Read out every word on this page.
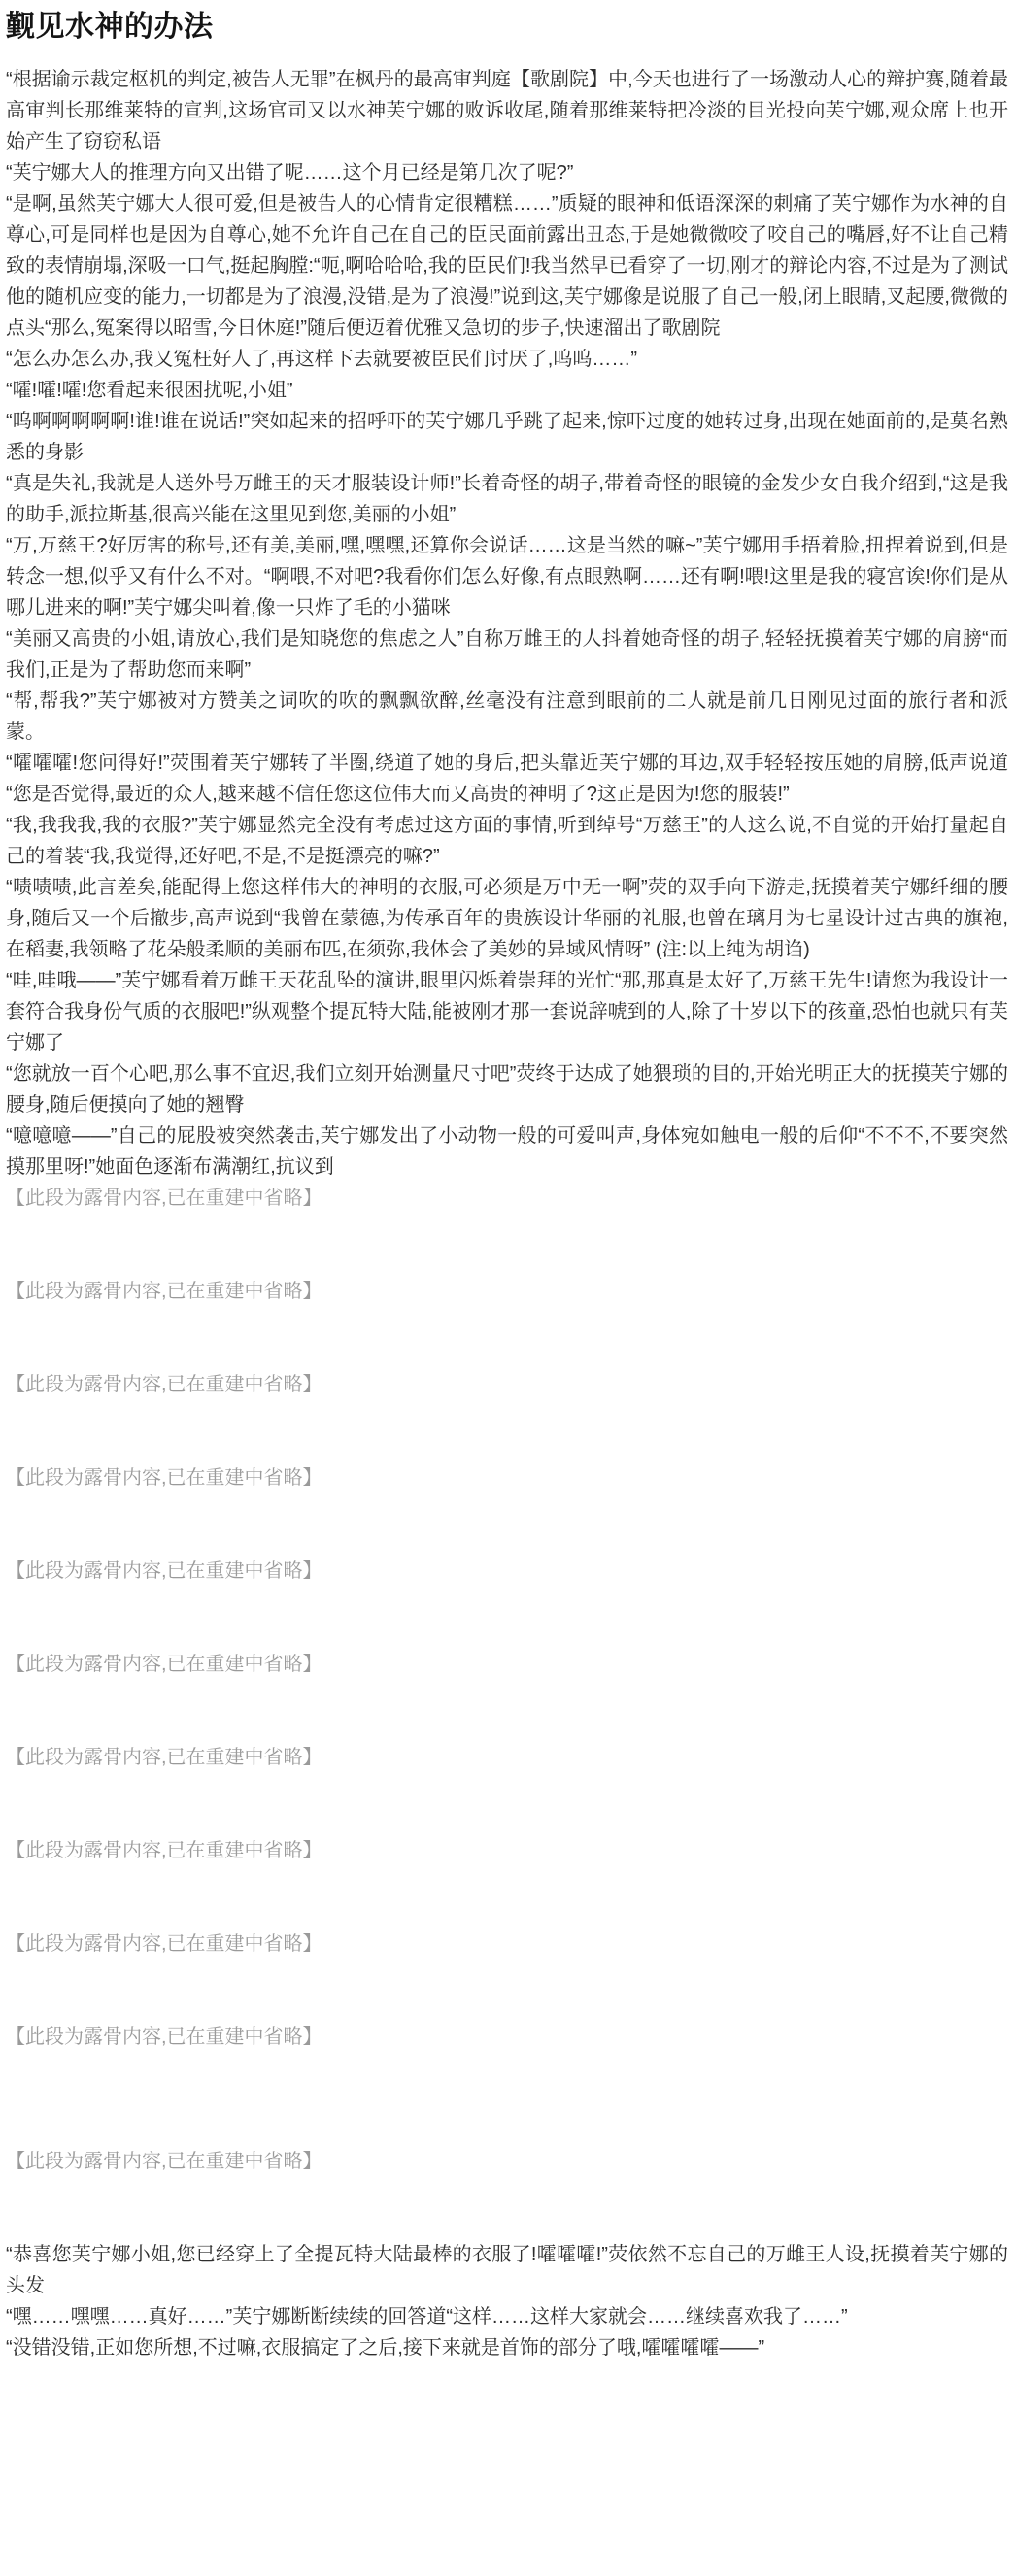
觐见水神的办法
“根据谕示裁定枢机的判定,被告人无罪”在枫丹的最高审判庭【歌剧院】中,今天也进行了一场激动人心的辩护赛,随着最高审判长那维莱特的宣判,这场官司又以水神芙宁娜的败诉收尾,随着那维莱特把冷淡的目光投向芙宁娜,观众席上也开始产生了窃窃私语
“芙宁娜大人的推理方向又出错了呢……这个月已经是第几次了呢?”
“是啊,虽然芙宁娜大人很可爱,但是被告人的心情肯定很糟糕……”质疑的眼神和低语深深的刺痛了芙宁娜作为水神的自尊心,可是同样也是因为自尊心,她不允许自己在自己的臣民面前露出丑态,于是她微微咬了咬自己的嘴唇,好不让自己精致的表情崩塌,深吸一口气,挺起胸膛:“呃,啊哈哈哈,我的臣民们!我当然早已看穿了一切,刚才的辩论内容,不过是为了测试他的随机应变的能力,一切都是为了浪漫,没错,是为了浪漫!”说到这,芙宁娜像是说服了自己一般,闭上眼睛,叉起腰,微微的点头“那么,冤案得以昭雪,今日休庭!”随后便迈着优雅又急切的步子,快速溜出了歌剧院
“怎么办怎么办,我又冤枉好人了,再这样下去就要被臣民们讨厌了,呜呜……”
“嚯!嚯!嚯!您看起来很困扰呢,小姐”
“呜啊啊啊啊啊!谁!谁在说话!”突如起来的招呼吓的芙宁娜几乎跳了起来,惊吓过度的她转过身,出现在她面前的,是莫名熟悉的身影
“真是失礼,我就是人送外号万雌王的天才服装设计师!”长着奇怪的胡子,带着奇怪的眼镜的金发少女自我介绍到,“这是我的助手,派拉斯基,很高兴能在这里见到您,美丽的小姐”
“万,万慈王?好厉害的称号,还有美,美丽,嘿,嘿嘿,还算你会说话……这是当然的嘛~”芙宁娜用手捂着脸,扭捏着说到,但是转念一想,似乎又有什么不对。“啊喂,不对吧?我看你们怎么好像,有点眼熟啊……还有啊!喂!这里是我的寝宫诶!你们是从哪儿进来的啊!”芙宁娜尖叫着,像一只炸了毛的小猫咪
“美丽又高贵的小姐,请放心,我们是知晓您的焦虑之人”自称万雌王的人抖着她奇怪的胡子,轻轻抚摸着芙宁娜的肩膀“而我们,正是为了帮助您而来啊”
“帮,帮我?”芙宁娜被对方赞美之词吹的吹的飘飘欲醉,丝毫没有注意到眼前的二人就是前几日刚见过面的旅行者和派蒙。
“嚯嚯嚯!您问得好!”荧围着芙宁娜转了半圈,绕道了她的身后,把头靠近芙宁娜的耳边,双手轻轻按压她的肩膀,低声说道“您是否觉得,最近的众人,越来越不信任您这位伟大而又高贵的神明了?这正是因为!您的服装!”
“我,我我我,我的衣服?”芙宁娜显然完全没有考虑过这方面的事情,听到绰号“万慈王”的人这么说,不自觉的开始打量起自己的着装“我,我觉得,还好吧,不是,不是挺漂亮的嘛?”
“啧啧啧,此言差矣,能配得上您这样伟大的神明的衣服,可必须是万中无一啊”荧的双手向下游走,抚摸着芙宁娜纤细的腰身,随后又一个后撤步,高声说到“我曾在蒙德,为传承百年的贵族设计华丽的礼服,也曾在璃月为七星设计过古典的旗袍,在稻妻,我领略了花朵般柔顺的美丽布匹,在须弥,我体会了美妙的异域风情呀” (注:以上纯为胡诌)
“哇,哇哦——”芙宁娜看着万雌王天花乱坠的演讲,眼里闪烁着崇拜的光忙“那,那真是太好了,万慈王先生!请您为我设计一套符合我身份气质的衣服吧!”纵观整个提瓦特大陆,能被刚才那一套说辞唬到的人,除了十岁以下的孩童,恐怕也就只有芙宁娜了
“您就放一百个心吧,那么事不宜迟,我们立刻开始测量尺寸吧”荧终于达成了她猥琐的目的,开始光明正大的抚摸芙宁娜的腰身,随后便摸向了她的翘臀
“噫噫噫——”自己的屁股被突然袭击,芙宁娜发出了小动物一般的可爱叫声,身体宛如触电一般的后仰“不不不,不要突然摸那里呀!”她面色逐渐布满潮红,抗议到
【此段为露骨内容,已在重建中省略】
【此段为露骨内容,已在重建中省略】
【此段为露骨内容,已在重建中省略】
【此段为露骨内容,已在重建中省略】
【此段为露骨内容,已在重建中省略】
【此段为露骨内容,已在重建中省略】
【此段为露骨内容,已在重建中省略】
【此段为露骨内容,已在重建中省略】
【此段为露骨内容,已在重建中省略】
【此段为露骨内容,已在重建中省略】
【此段为露骨内容,已在重建中省略】
“恭喜您芙宁娜小姐,您已经穿上了全提瓦特大陆最棒的衣服了!嚯嚯嚯!”荧依然不忘自己的万雌王人设,抚摸着芙宁娜的头发
“嘿……嘿嘿……真好……”芙宁娜断断续续的回答道“这样……这样大家就会……继续喜欢我了……”
“没错没错,正如您所想,不过嘛,衣服搞定了之后,接下来就是首饰的部分了哦,嚯嚯嚯嚯——”
